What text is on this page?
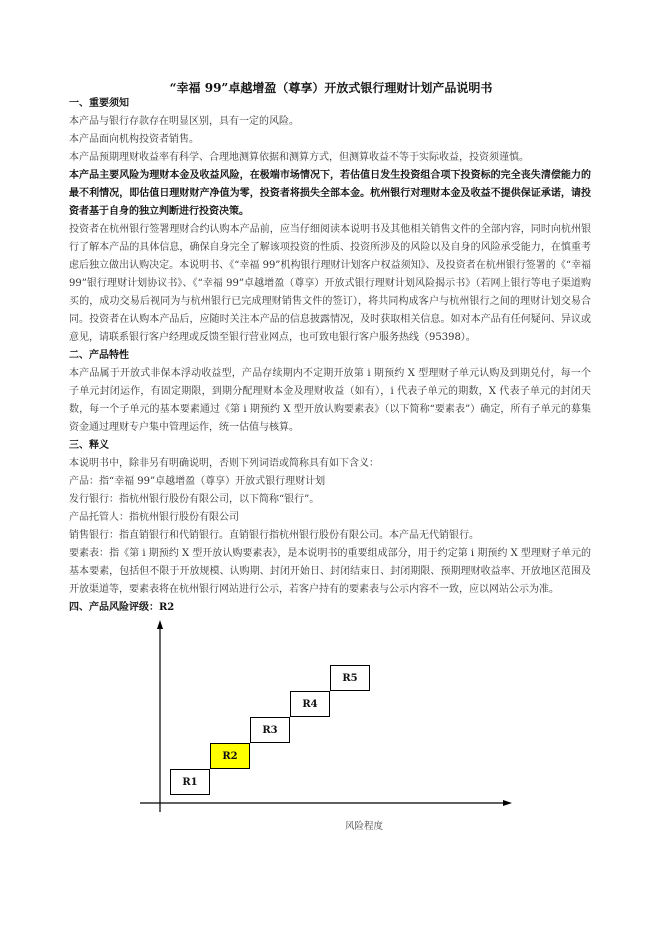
“幸福 99”卓越增盈（尊享）开放式银行理财计划产品说明书

一、重要须知

本产品与银行存款存在明显区别，具有一定的风险。

本产品面向机构投资者销售。

本产品预期理财收益率有科学、合理地测算依据和测算方式，但测算收益不等于实际收益，投资须谨慎。

本产品主要风险为理财本金及收益风险，在极端市场情况下，若估值日发生投资组合项下投资标的完全丧失清偿能力的最不利情况，即估值日理财财产净值为零，投资者将损失全部本金。杭州银行对理财本金及收益不提供保证承诺，请投资者基于自身的独立判断进行投资决策。

投资者在杭州银行签署理财合约认购本产品前，应当仔细阅读本说明书及其他相关销售文件的全部内容，同时向杭州银行了解本产品的具体信息，确保自身完全了解该项投资的性质、投资所涉及的风险以及自身的风险承受能力，在慎重考虑后独立做出认购决定。本说明书、《“幸福 99”机构银行理财计划客户权益须知》、及投资者在杭州银行签署的《“幸福 99”银行理财计划协议书》、《“幸福 99”卓越增盈（尊享）开放式银行理财计划风险揭示书》（若网上银行等电子渠道购买的，成功交易后视同为与杭州银行已完成理财销售文件的签订），将共同构成客户与杭州银行之间的理财计划交易合同。投资者在认购本产品后，应随时关注本产品的信息披露情况，及时获取相关信息。如对本产品有任何疑问、异议或意见，请联系银行客户经理或反馈至银行营业网点，也可致电银行客户服务热线（95398）。

二、产品特性

本产品属于开放式非保本浮动收益型，产品存续期内不定期开放第 i 期预约 X 型理财子单元认购及到期兑付，每一个子单元封闭运作，有固定期限，到期分配理财本金及理财收益（如有），i 代表子单元的期数，X 代表子单元的封闭天数，每一个子单元的基本要素通过《第 i 期预约 X 型开放认购要素表》（以下简称“要素表”）确定，所有子单元的募集资金通过理财专户集中管理运作，统一估值与核算。

三、释义

本说明书中，除非另有明确说明，否则下列词语或简称具有如下含义：

产品：指“幸福 99”卓越增盈（尊享）开放式银行理财计划

发行银行：指杭州银行股份有限公司，以下简称“银行”。

产品托管人：指杭州银行股份有限公司

销售银行：指直销银行和代销银行。直销银行指杭州银行股份有限公司。本产品无代销银行。

要素表：指《第 i 期预约 X 型开放认购要素表》，是本说明书的重要组成部分，用于约定第 i 期预约 X 型理财子单元的基本要素，包括但不限于开放规模、认购期、封闭开始日、封闭结束日、封闭期限、预期理财收益率、开放地区范围及开放渠道等，要素表将在杭州银行网站进行公示，若客户持有的要素表与公示内容不一致，应以网站公示为准。

四、产品风险评级：R2

R1
R2
R3
R4
R5
风险程度
